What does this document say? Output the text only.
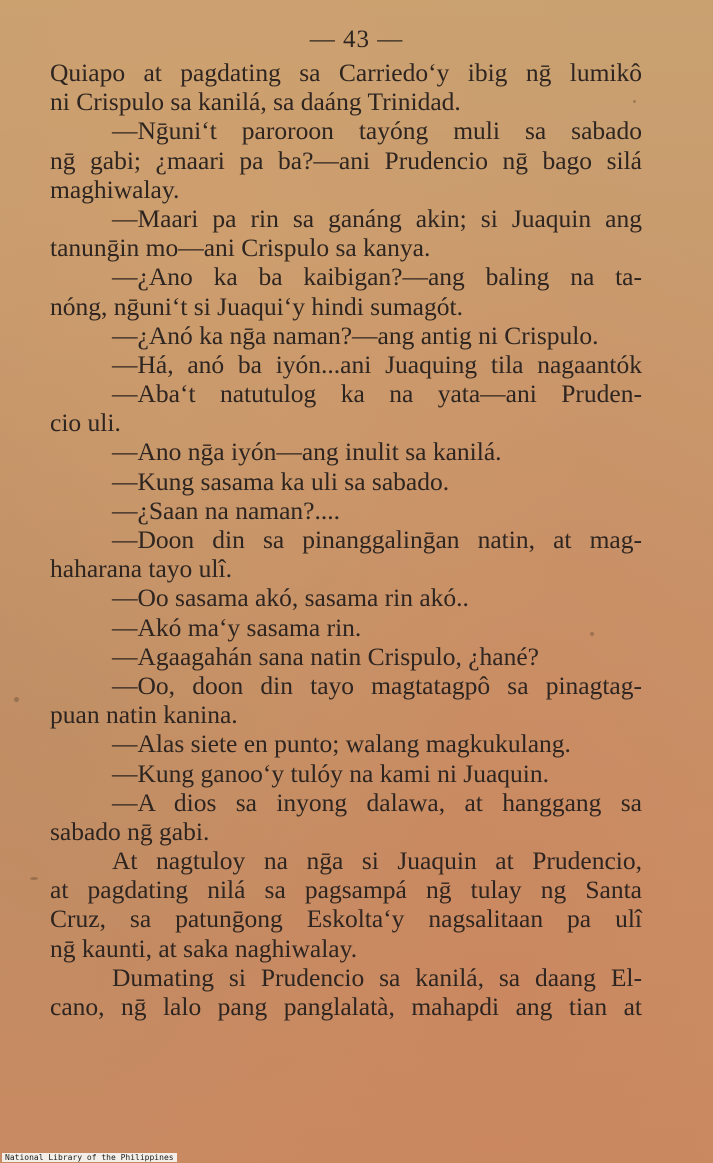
— 43 —
Quiapo at pagdating sa Carriedo‘y ibig nḡ lumikô
ni Crispulo sa kanilá, sa daáng Trinidad.
—Nḡuni‘t paroroon tayóng muli sa sabado
nḡ gabi; ¿maari pa ba?—ani Prudencio nḡ bago silá
maghiwalay.
—Maari pa rin sa ganáng akin; si Juaquin ang
tanunḡin mo—ani Crispulo sa kanya.
—¿Ano ka ba kaibigan?—ang baling na ta-
nóng, nḡuni‘t si Juaqui‘y hindi sumagót.
—¿Anó ka nḡa naman?—ang antig ni Crispulo.
—Há, anó ba iyón...ani Juaquing tila nagaantók
—Aba‘t natutulog ka na yata—ani Pruden-
cio uli.
—Ano nḡa iyón—ang inulit sa kanilá.
—Kung sasama ka uli sa sabado.
—¿Saan na naman?....
—Doon din sa pinanggalinḡan natin, at mag-
haharana tayo ulî.
—Oo sasama akó, sasama rin akó..
—Akó ma‘y sasama rin.
—Agaagahán sana natin Crispulo, ¿hané?
—Oo, doon din tayo magtatagpô sa pinagtag-
puan natin kanina.
—Alas siete en punto; walang magkukulang.
—Kung ganoo‘y tulóy na kami ni Juaquin.
—A dios sa inyong dalawa, at hanggang sa
sabado nḡ gabi.
At nagtuloy na nḡa si Juaquin at Prudencio,
at pagdating nilá sa pagsampá nḡ tulay ng Santa
Cruz, sa patunḡong Eskolta‘y nagsalitaan pa ulî
nḡ kaunti, at saka naghiwalay.
Dumating si Prudencio sa kanilá, sa daang El-
cano, nḡ lalo pang panglalatà, mahapdi ang tian at
National Library of the Philippines
